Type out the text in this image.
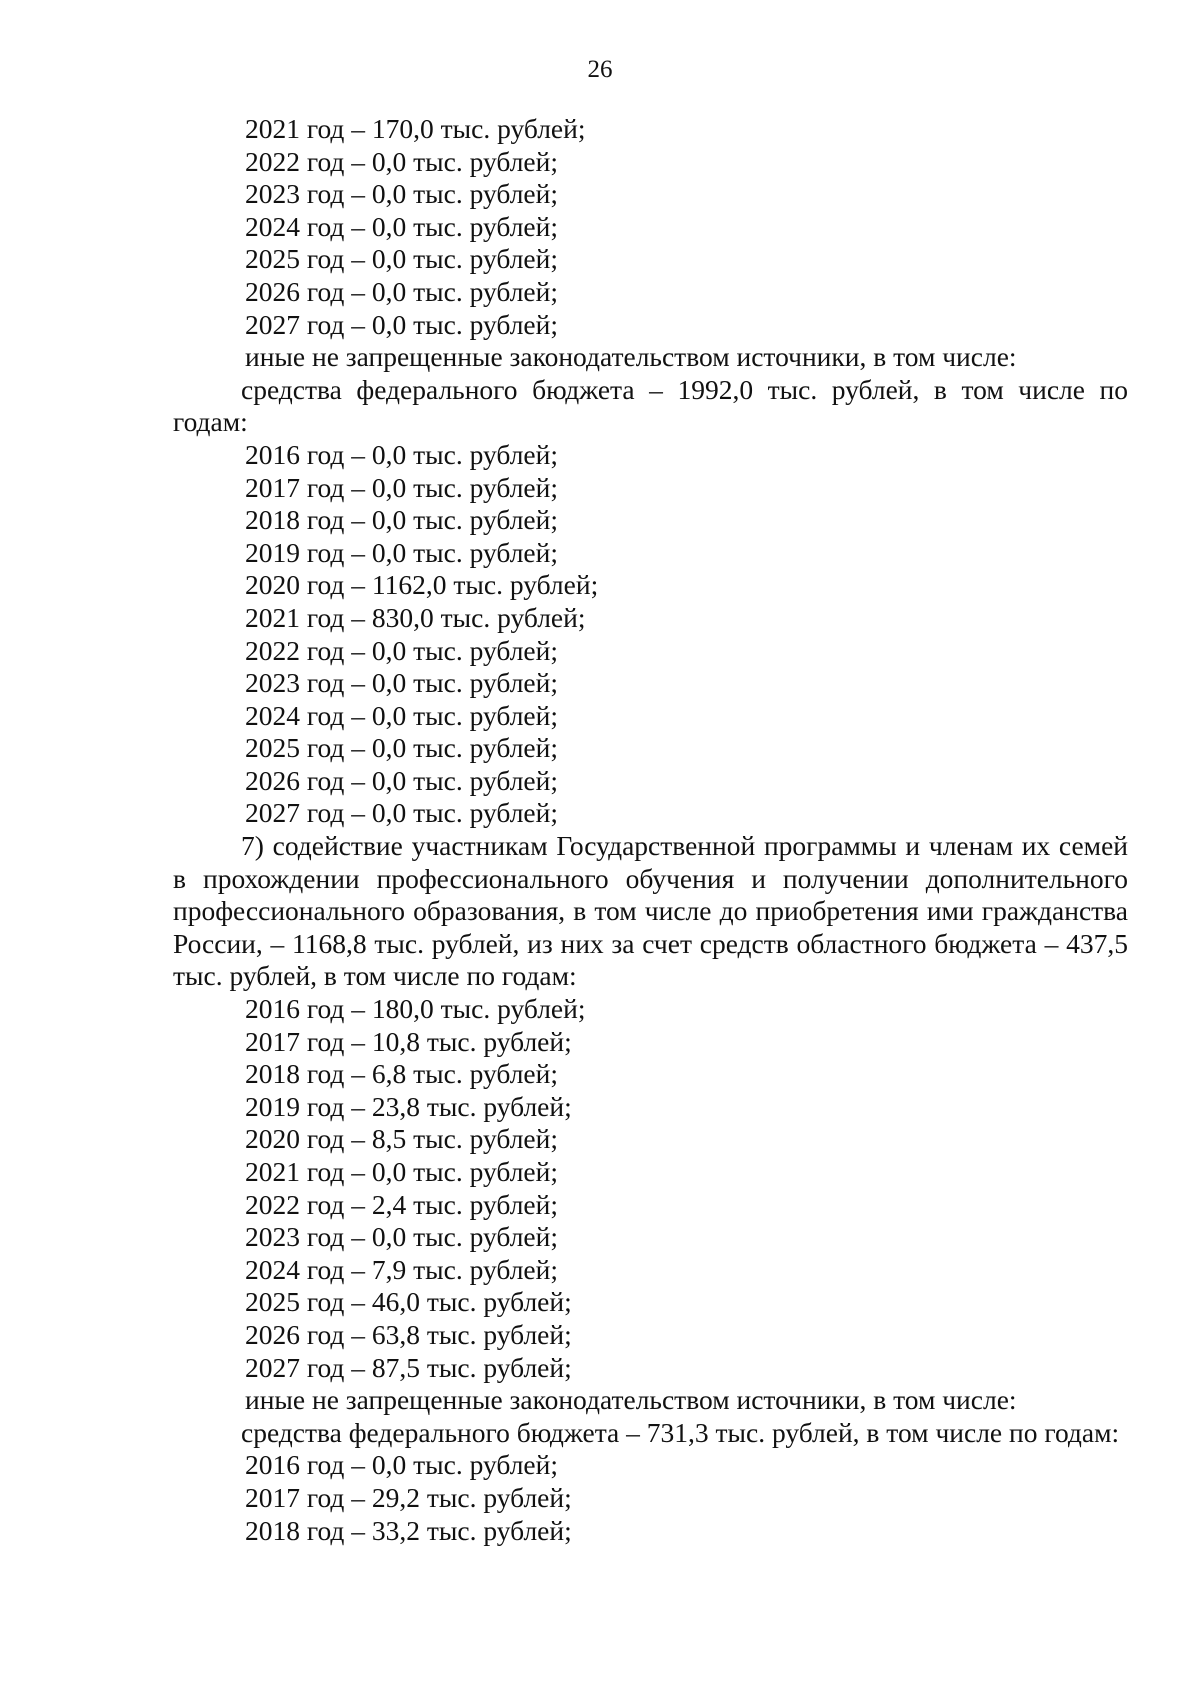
26
2021 год – 170,0 тыс. рублей;
2022 год – 0,0 тыс. рублей;
2023 год – 0,0 тыс. рублей;
2024 год – 0,0 тыс. рублей;
2025 год – 0,0 тыс. рублей;
2026 год – 0,0 тыс. рублей;
2027 год – 0,0 тыс. рублей;
иные не запрещенные законодательством источники, в том числе:

средства федерального бюджета – 1992,0 тыс. рублей, в том числе по годам:

2016 год – 0,0 тыс. рублей;
2017 год – 0,0 тыс. рублей;
2018 год – 0,0 тыс. рублей;
2019 год – 0,0 тыс. рублей;
2020 год – 1162,0 тыс. рублей;
2021 год – 830,0 тыс. рублей;
2022 год – 0,0 тыс. рублей;
2023 год – 0,0 тыс. рублей;
2024 год – 0,0 тыс. рублей;
2025 год – 0,0 тыс. рублей;
2026 год – 0,0 тыс. рублей;
2027 год – 0,0 тыс. рублей;

7) содействие участникам Государственной программы и членам их семей в прохождении профессионального обучения и получении дополнительного профессионального образования, в том числе до приобретения ими гражданства России, – 1168,8 тыс. рублей, из них за счет средств областного бюджета – 437,5 тыс. рублей, в том числе по годам:

2016 год – 180,0 тыс. рублей;
2017 год – 10,8 тыс. рублей;
2018 год – 6,8 тыс. рублей;
2019 год – 23,8 тыс. рублей;
2020 год – 8,5 тыс. рублей;
2021 год – 0,0 тыс. рублей;
2022 год – 2,4 тыс. рублей;
2023 год – 0,0 тыс. рублей;
2024 год – 7,9 тыс. рублей;
2025 год – 46,0 тыс. рублей;
2026 год – 63,8 тыс. рублей;
2027 год – 87,5 тыс. рублей;
иные не запрещенные законодательством источники, в том числе:

средства федерального бюджета – 731,3 тыс. рублей, в том числе по годам:

2016 год – 0,0 тыс. рублей;
2017 год – 29,2 тыс. рублей;
2018 год – 33,2 тыс. рублей;
